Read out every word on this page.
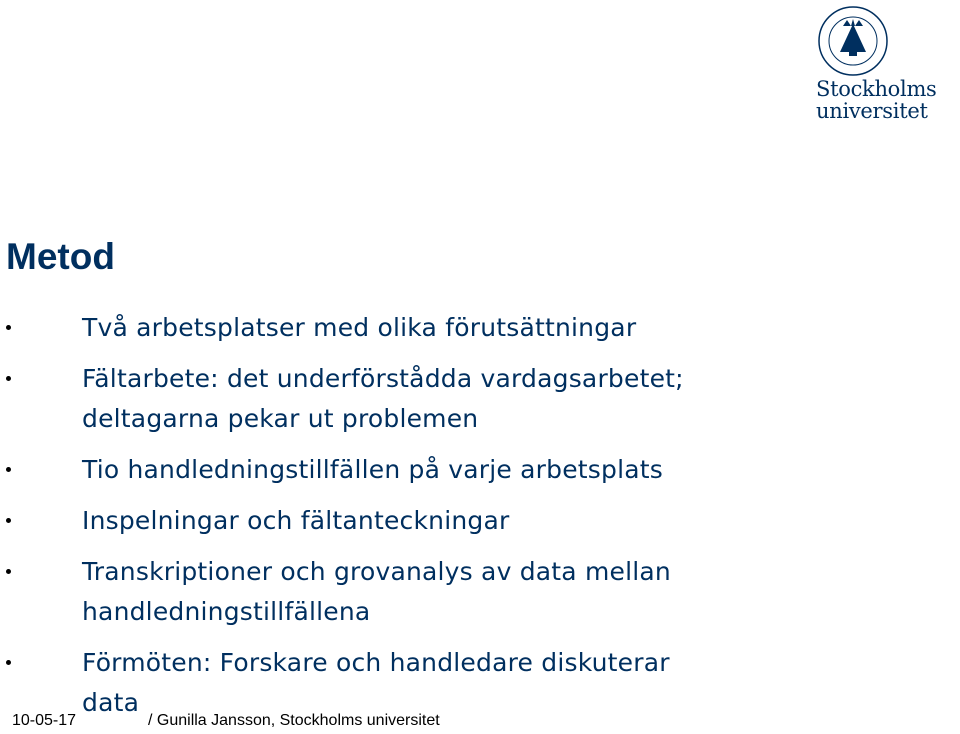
Stockholms
universitet
Metod
Två arbetsplatser med olika förutsättningar
Fältarbete: det underförstådda vardagsarbetet;
deltagarna pekar ut problemen
Tio handledningstillfällen på varje arbetsplats
Inspelningar och fältanteckningar
Transkriptioner och grovanalys av data mellan
handledningstillfällena
Förmöten: Forskare och handledare diskuterar
data
10-05-17	/ Gunilla Jansson, Stockholms universitet
